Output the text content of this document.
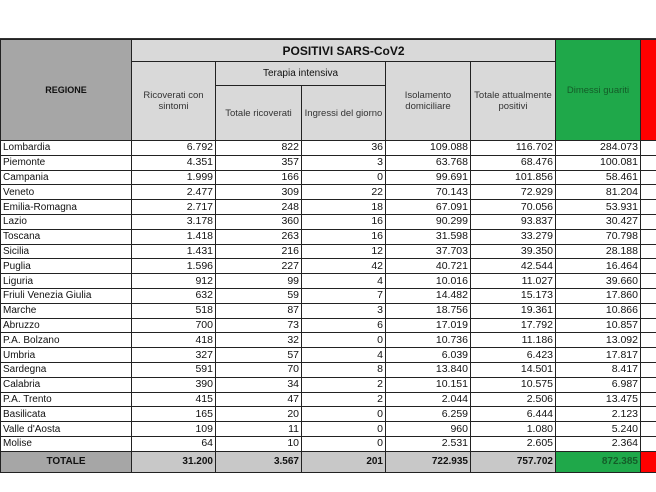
REGIONE	POSITIVI SARS-CoV2					Dimessi guariti	
	Ricoverati con sintomi	Terapia intensiva		Isolamento domiciliare	Totale attualmente positivi		
		Totale ricoverati	Ingressi del giorno				
Lombardia	6.792	822	36	109.088	116.702	284.073	
Piemonte	4.351	357	3	63.768	68.476	100.081	
Campania	1.999	166	0	99.691	101.856	58.461	
Veneto	2.477	309	22	70.143	72.929	81.204	
Emilia-Romagna	2.717	248	18	67.091	70.056	53.931	
Lazio	3.178	360	16	90.299	93.837	30.427	
Toscana	1.418	263	16	31.598	33.279	70.798	
Sicilia	1.431	216	12	37.703	39.350	28.188	
Puglia	1.596	227	42	40.721	42.544	16.464	
Liguria	912	99	4	10.016	11.027	39.660	
Friuli Venezia Giulia	632	59	7	14.482	15.173	17.860	
Marche	518	87	3	18.756	19.361	10.866	
Abruzzo	700	73	6	17.019	17.792	10.857	
P.A. Bolzano	418	32	0	10.736	11.186	13.092	
Umbria	327	57	4	6.039	6.423	17.817	
Sardegna	591	70	8	13.840	14.501	8.417	
Calabria	390	34	2	10.151	10.575	6.987	
P.A. Trento	415	47	2	2.044	2.506	13.475	
Basilicata	165	20	0	6.259	6.444	2.123	
Valle d'Aosta	109	11	0	960	1.080	5.240	
Molise	64	10	0	2.531	2.605	2.364	
TOTALE	31.200	3.567	201	722.935	757.702	872.385	
